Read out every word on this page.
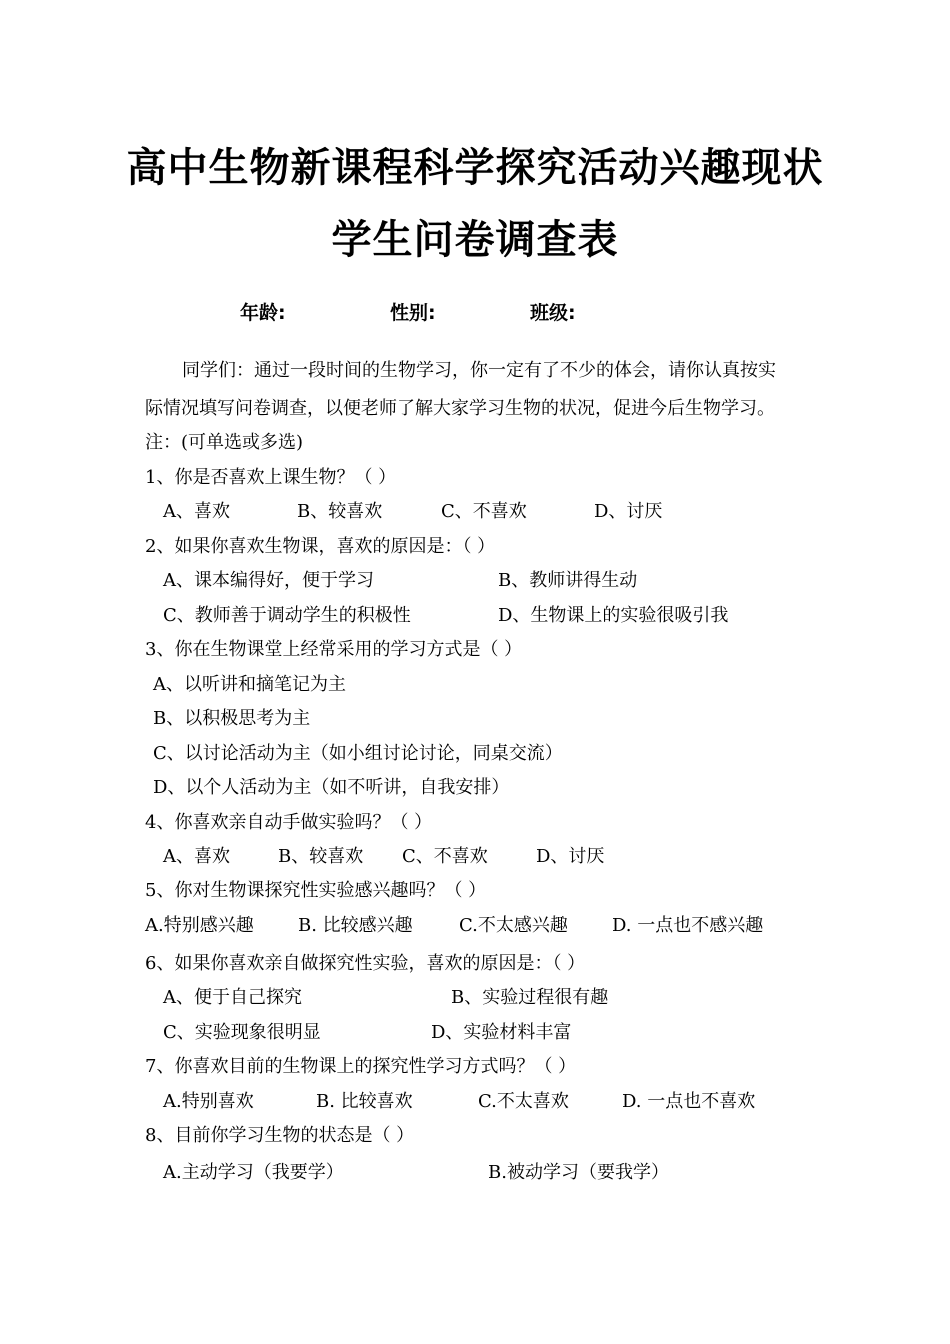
高中生物新课程科学探究活动兴趣现状
学生问卷调查表
年龄:	性别:	班级:
同学们：通过一段时间的生物学习，你一定有了不少的体会，请你认真按实
际情况填写问卷调查，以便老师了解大家学习生物的状况，促进今后生物学习。
注：(可单选或多选)
1、你是否喜欢上课生物？（ ）
A、喜欢	B、较喜欢	C、不喜欢	D、讨厌
2、如果你喜欢生物课，喜欢的原因是：（ ）
A、课本编得好，便于学习	B、教师讲得生动
C、教师善于调动学生的积极性	D、生物课上的实验很吸引我
3、你在生物课堂上经常采用的学习方式是（ ）
A、以听讲和摘笔记为主
B、以积极思考为主
C、以讨论活动为主（如小组讨论讨论，同桌交流）
D、以个人活动为主（如不听讲，自我安排）
4、你喜欢亲自动手做实验吗？（ ）
A、喜欢	B、较喜欢 C、不喜欢	D、讨厌
5、你对生物课探究性实验感兴趣吗？（ ）
A.特别感兴趣 B. 比较感兴趣	C.不太感兴趣 D. 一点也不感兴趣
6、如果你喜欢亲自做探究性实验，喜欢的原因是：（ ）
A、便于自己探究	B、实验过程很有趣
C、实验现象很明显	D、实验材料丰富
7、你喜欢目前的生物课上的探究性学习方式吗？（ ）
A.特别喜欢	B. 比较喜欢	C.不太喜欢	D. 一点也不喜欢
8、目前你学习生物的状态是（ ）
A.主动学习（我要学）	B.被动学习（要我学）
